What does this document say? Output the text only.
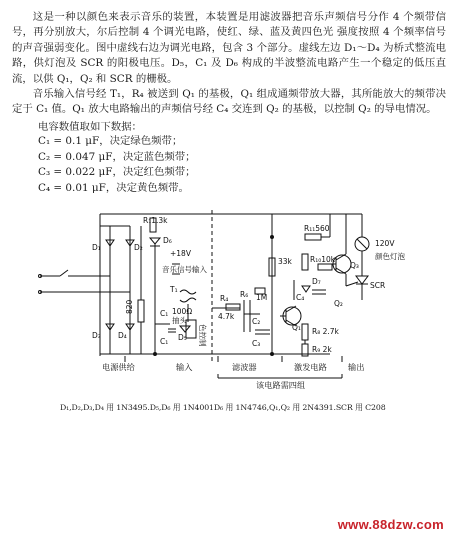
这是一种以颜色来表示音乐的装置，本装置是用滤波器把音乐声频信号分作 4 个频带信号，再分别放大，尔后控制 4 个调光电路，使红、绿、蓝及黄四色光 强度按照 4 个频率信号的声音强弱变化。图中虚线右边为调光电路，包含 3 个部分。虚线左边 D₁～D₄ 为桥式整流电路，供灯泡及 SCR 的阳极电压。D₅，C₁ 及 D₆ 构成的半波整流电路产生一个稳定的低压直流，以供 Q₁，Q₂ 和 SCR 的栅极。

音乐输入信号经 T₁，R₄ 被送到 Q₁ 的基极，Q₁ 组成通频带放大器，其所能放大的频带决定于 C₁ 值。Q₁ 放大电路输出的声频信号经 C₄ 交连到 Q₂ 的基极，以控制 Q₂ 的导电情况。

电容数值取如下数据：
C₁ = 0.1 μF，决定绿色频带；
C₂ = 0.047 μF，决定蓝色频带；
C₃ = 0.022 μF，决定红色频带；
C₄ = 0.01 μF，决定黄色频带。
R₁1.3k
D₆
+18V
音乐信号输入
T₁
100Ω
抽头
R₁₁560
120V
颜色灯泡
33k R₁₀10k
Q₃
SCR
D₇
1M
R₆
R₄
4.7k
C₂
C₄
Q₁
Q₂
R₈ 2.7k
R₉ 2k
C₃
C₁
D₅
820
D₁	D₂
D₃ D₄	色控制
C₁
电源供给	输入	滤波器	激发电路	输出
该电路需四组
D₁,D₂,D₃,D₄ 用 1N3495.D₅,D₆ 用 1N4001D₆ 用 1N4746,Q₁,Q₂ 用 2N4391.SCR 用 C208
www.88dzw.com
